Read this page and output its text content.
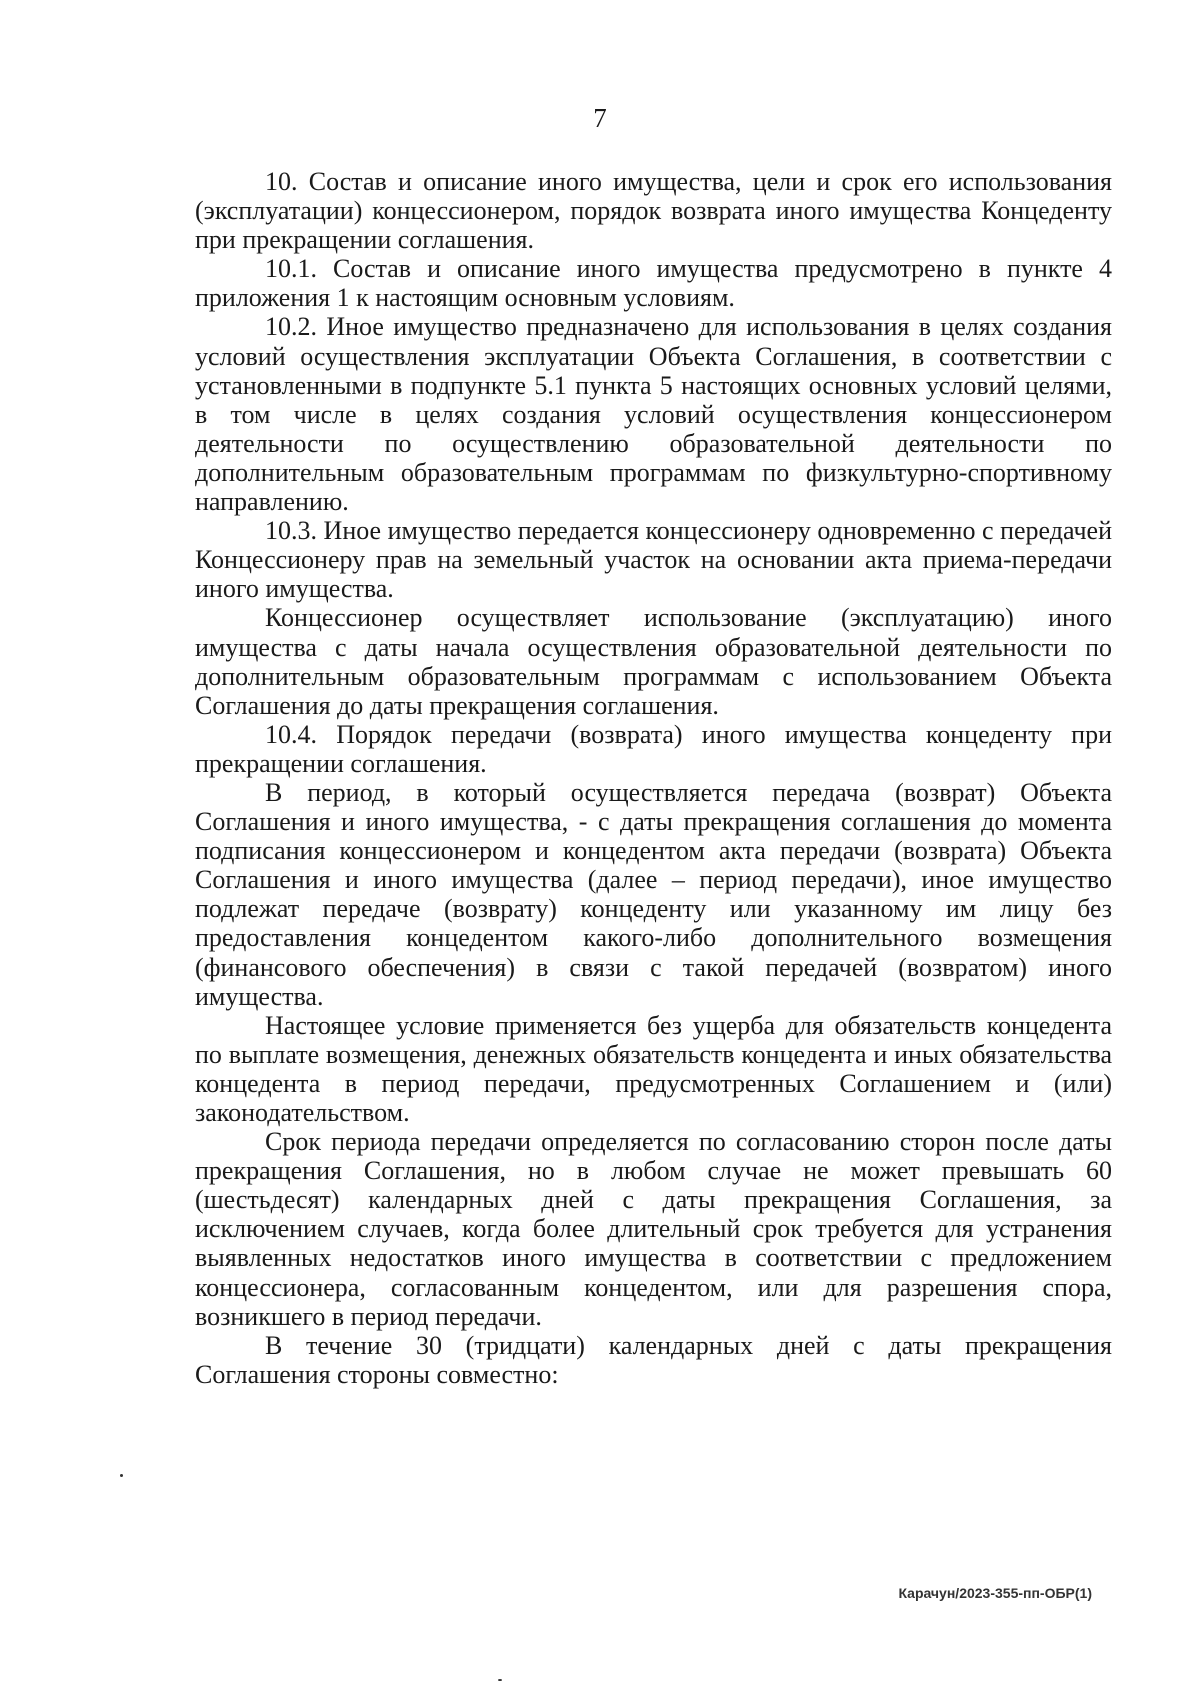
7

10. Состав и описание иного имущества, цели и срок его использования (эксплуатации) концессионером, порядок возврата иного имущества Концеденту при прекращении соглашения.

10.1. Состав и описание иного имущества предусмотрено в пункте 4 приложения 1 к настоящим основным условиям.

10.2. Иное имущество предназначено для использования в целях создания условий осуществления эксплуатации Объекта Соглашения, в соответствии с установленными в подпункте 5.1 пункта 5 настоящих основных условий целями, в том числе в целях создания условий осуществления концессионером деятельности по осуществлению образовательной деятельности по дополнительным образовательным программам по физкультурно-спортивному направлению.

10.3. Иное имущество передается концессионеру одновременно с передачей Концессионеру прав на земельный участок на основании акта приема-передачи иного имущества.

Концессионер осуществляет использование (эксплуатацию) иного имущества с даты начала осуществления образовательной деятельности по дополнительным образовательным программам с использованием Объекта Соглашения до даты прекращения соглашения.

10.4. Порядок передачи (возврата) иного имущества концеденту при прекращении соглашения.

В период, в который осуществляется передача (возврат) Объекта Соглашения и иного имущества, - с даты прекращения соглашения до момента подписания концессионером и концедентом акта передачи (возврата) Объекта Соглашения и иного имущества (далее – период передачи), иное имущество подлежат передаче (возврату) концеденту или указанному им лицу без предоставления концедентом какого-либо дополнительного возмещения (финансового обеспечения) в связи с такой передачей (возвратом) иного имущества.

Настоящее условие применяется без ущерба для обязательств концедента по выплате возмещения, денежных обязательств концедента и иных обязательства концедента в период передачи, предусмотренных Соглашением и (или) законодательством.

Срок периода передачи определяется по согласованию сторон после даты прекращения Соглашения, но в любом случае не может превышать 60 (шестьдесят) календарных дней с даты прекращения Соглашения, за исключением случаев, когда более длительный срок требуется для устранения выявленных недостатков иного имущества в соответствии с предложением концессионера, согласованным концедентом, или для разрешения спора, возникшего в период передачи.

В течение 30 (тридцати) календарных дней с даты прекращения Соглашения стороны совместно:

Карачун/2023-355-пп-ОБР(1)
